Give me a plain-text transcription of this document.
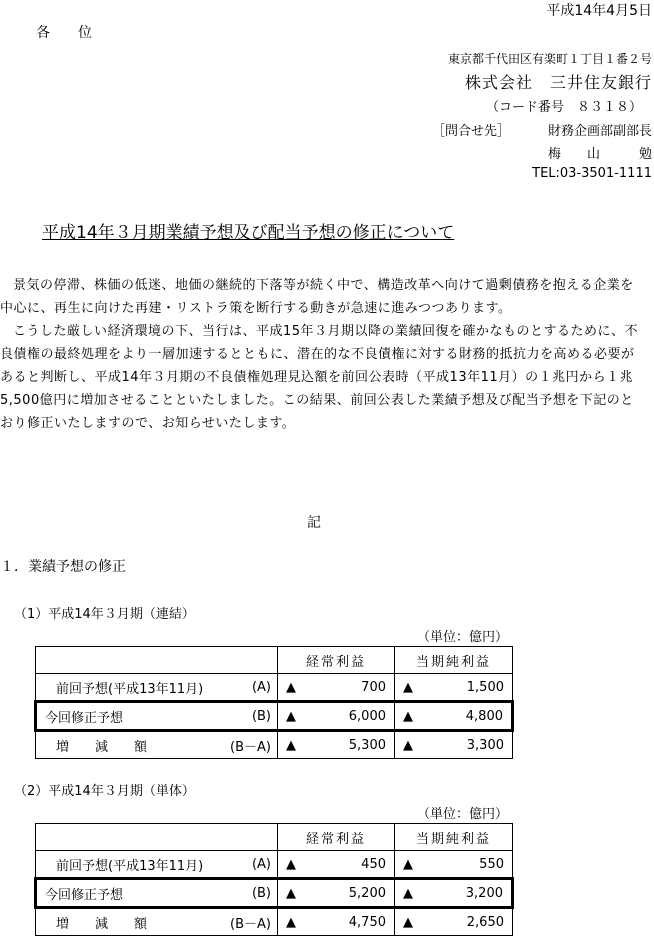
平成14年4月5日
各　　位
東京都千代田区有楽町１丁目１番２号
株式会社　三井住友銀行
（コード番号　８３１８）
［問合せ先］	財務企画部副部長
梅　　山　　　勉
TEL:03-3501-1111
平成14年３月期業績予想及び配当予想の修正について

景気の停滞、株価の低迷、地価の継続的下落等が続く中で、構造改革へ向けて過剰債務を抱える企業を中心に、再生に向けた再建・リストラ策を断行する動きが急速に進みつつあります。

こうした厳しい経済環境の下、当行は、平成15年３月期以降の業績回復を確かなものとするために、不良債権の最終処理をより一層加速するとともに、潜在的な不良債権に対する財務的抵抗力を高める必要があると判断し、平成14年３月期の不良債権処理見込額を前回公表時（平成13年11月）の１兆円から１兆5,500億円に増加させることといたしました。この結果、前回公表した業績予想及び配当予想を下記のとおり修正いたしますので、お知らせいたします。

記
１．業績予想の修正
（1）平成14年３月期（連結）
（単位：億円）
	経常利益	当期純利益

前回予想(平成13年11月) (A)	▲ 700	▲ 1,500

今回修正予想 (B)	▲ 6,000	▲ 4,800

増　　減　　額 (B－A)	▲ 5,300	▲ 3,300
（2）平成14年３月期（単体）
（単位：億円）
	経常利益	当期純利益

前回予想(平成13年11月) (A)	▲ 450	▲ 550

今回修正予想 (B)	▲ 5,200	▲ 3,200

増　　減　　額 (B－A)	▲ 4,750	▲ 2,650
